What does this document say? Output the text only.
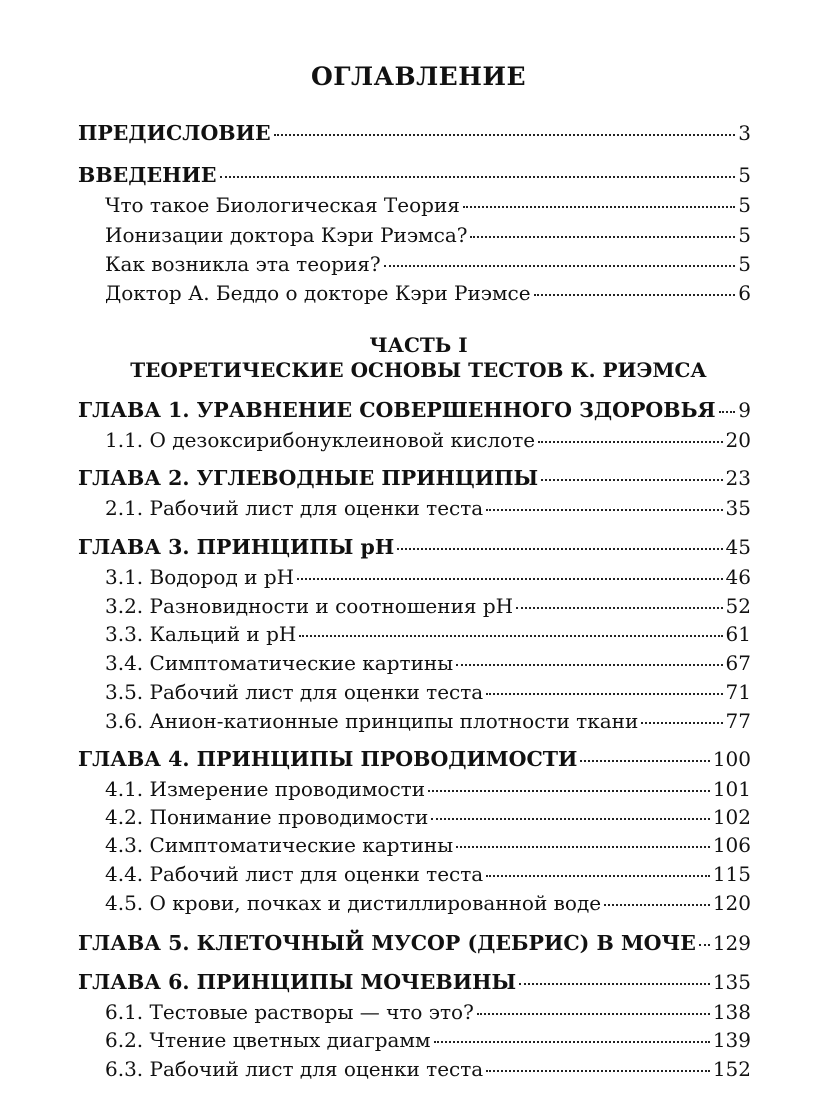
ОГЛАВЛЕНИЕ
ПРЕДИСЛОВИЕ	3
ВВЕДЕНИЕ	5
Что такое Биологическая Теория	5
Ионизации доктора Кэри Риэмса?	5
Как возникла эта теория?	5
Доктор А. Беддо о докторе Кэри Риэмсе	6
ЧАСТЬ I
ТЕОРЕТИЧЕСКИЕ ОСНОВЫ ТЕСТОВ К. РИЭМСА
ГЛАВА 1. УРАВНЕНИЕ СОВЕРШЕННОГО ЗДОРОВЬЯ 9
1.1. О дезоксирибонуклеиновой кислоте	20
ГЛАВА 2. УГЛЕВОДНЫЕ ПРИНЦИПЫ	23
2.1. Рабочий лист для оценки теста	35
ГЛАВА 3. ПРИНЦИПЫ pH	45
3.1. Водород и pH	46
3.2. Разновидности и соотношения pH	52
3.3. Кальций и pH	61
3.4. Симптоматические картины	67
3.5. Рабочий лист для оценки теста	71
3.6. Анион-катионные принципы плотности ткани	77
ГЛАВА 4. ПРИНЦИПЫ ПРОВОДИМОСТИ	100
4.1. Измерение проводимости	101
4.2. Понимание проводимости	102
4.3. Симптоматические картины	106
4.4. Рабочий лист для оценки теста	115
4.5. О крови, почках и дистиллированной воде	120
ГЛАВА 5. КЛЕТОЧНЫЙ МУСОР (ДЕБРИС) В МОЧЕ 129
ГЛАВА 6. ПРИНЦИПЫ МОЧЕВИНЫ	135
6.1. Тестовые растворы — что это?	138
6.2. Чтение цветных диаграмм	139
6.3. Рабочий лист для оценки теста	152
